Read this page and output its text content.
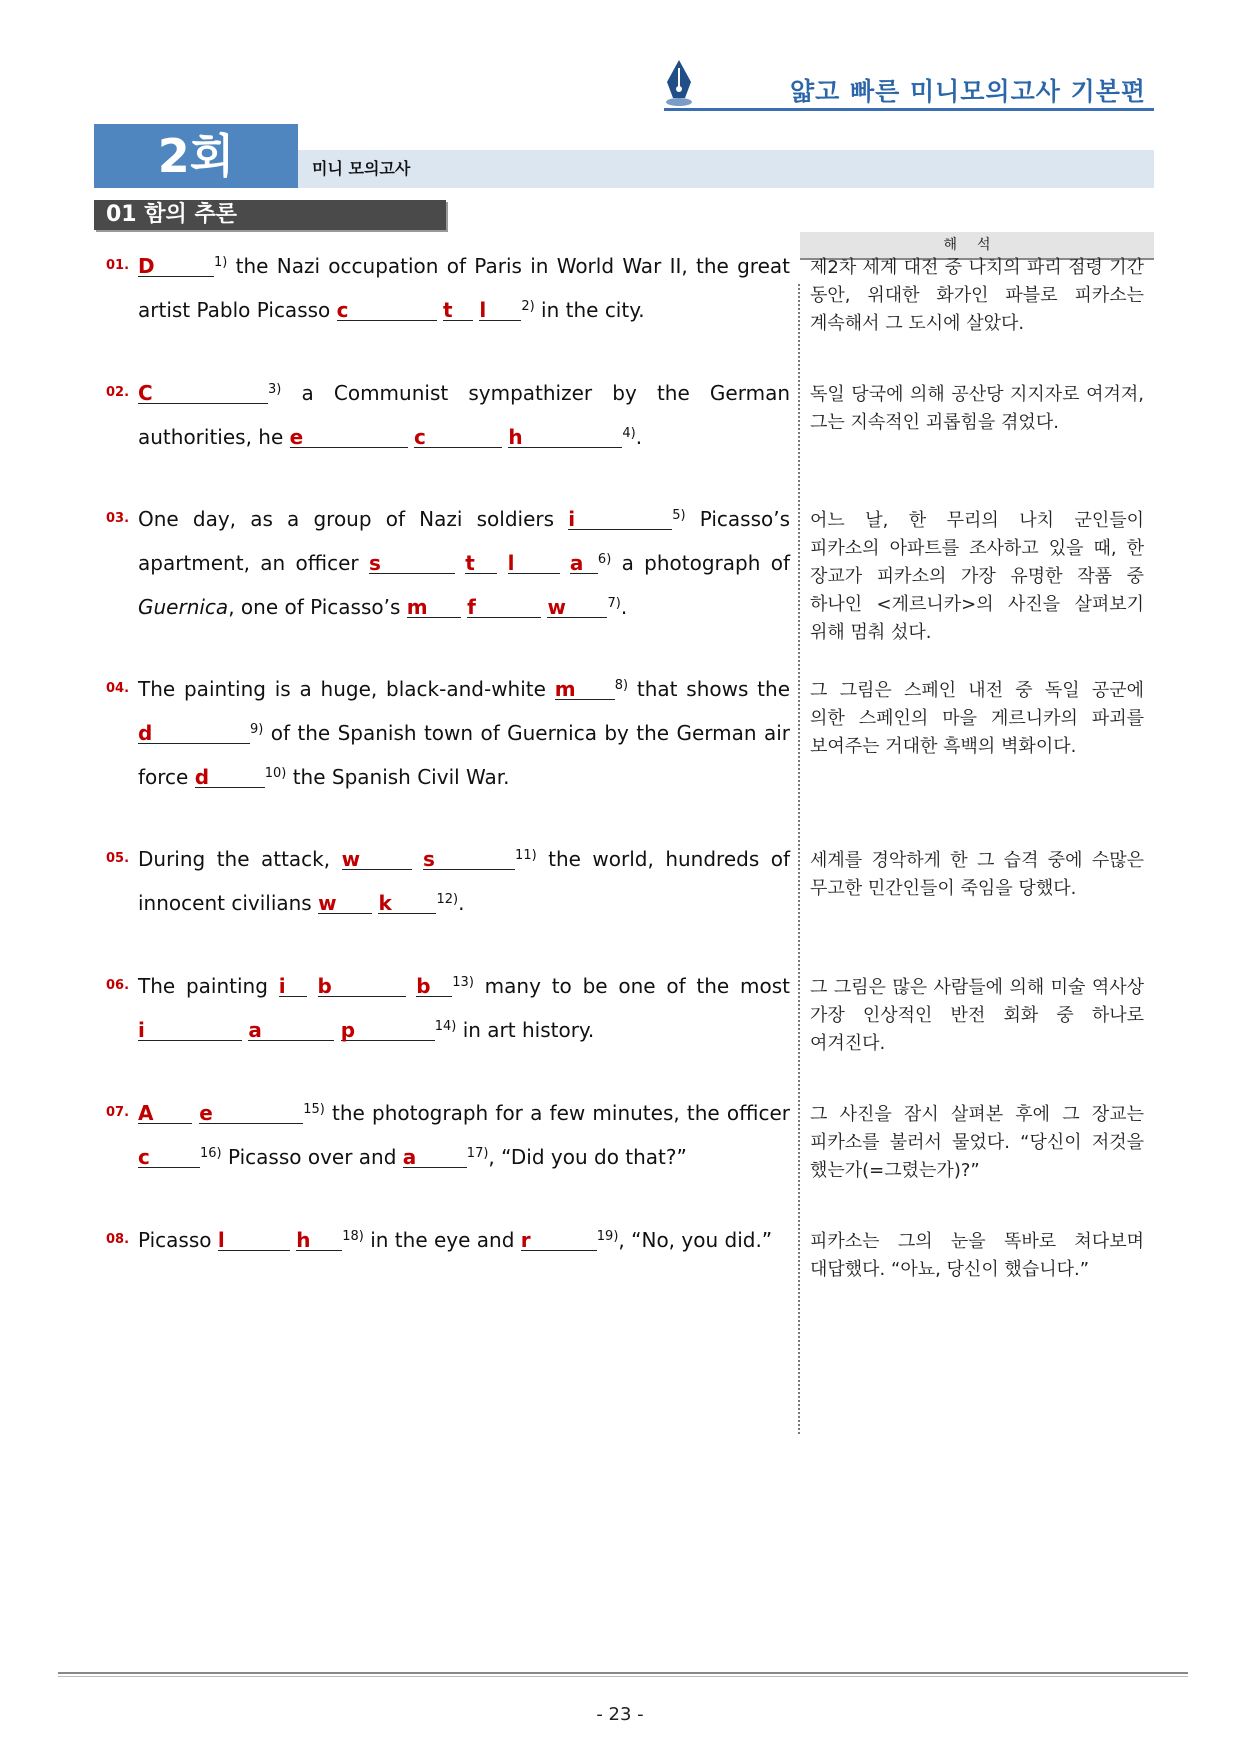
얇고 빠른 미니모의고사 기본편
2회	미니 모의고사
01 함의 추론
해석
01. D	$^{1)}$ the Nazi occupation of Paris in World War II, the great
artist Pablo Picasso c	t l	$^{2)}$ in the city.
제2차 세계 대전 중 나치의 파리 점령 기간 동안, 위대한 화가인 파블로 피카소는 계속해서 그 도시에 살았다.
02. C	$^{3)}$ a Communist sympathizer by the German
authorities, he e	c	h	$^{4)}$.
독일 당국에 의해 공산당 지지자로 여겨져, 그는 지속적인 괴롭힘을 겪었다.
03. One day, as a group of Nazi soldiers i	$^{5)}$ Picasso’s
apartment, an officer s	t l	a $^{6)}$ a photograph of
Guernica, one of Picasso’s m f	w	$^{7)}$.
어느 날, 한 무리의 나치 군인들이 피카소의 아파트를 조사하고 있을 때, 한 장교가 피카소의 가장 유명한 작품 중 하나인 <게르니카>의 사진을 살펴보기 위해 멈춰 섰다.
04. The painting is a huge, black-and-white m	$^{8)}$ that shows the
d	$^{9)}$ of the Spanish town of Guernica by the German air
force d	$^{10)}$ the Spanish Civil War.
그 그림은 스페인 내전 중 독일 공군에 의한 스페인의 마을 게르니카의 파괴를 보여주는 거대한 흑백의 벽화이다.
05. During the attack, w	s	$^{11)}$ the world, hundreds of
innocent civilians w k	$^{12)}$.
세계를 경악하게 한 그 습격 중에 수많은 무고한 민간인들이 죽임을 당했다.
06. The painting i b	b $^{13)}$ many to be one of the most
i	a	p	$^{14)}$ in art history.
그 그림은 많은 사람들에 의해 미술 역사상 가장 인상적인 반전 회화 중 하나로 여겨진다.
07. A e	$^{15)}$ the photograph for a few minutes, the officer
c	$^{16)}$ Picasso over and a	$^{17)}$, “Did you do that?”
그 사진을 잠시 살펴본 후에 그 장교는 피카소를 불러서 물었다. “당신이 저것을 했는가(=그렸는가)?”
08. Picasso l	h $^{18)}$ in the eye and r	$^{19)}$, “No, you did.”	피카소는 그의 눈을 똑바로 쳐다보며 대답했다. “아뇨, 당신이 했습니다.”
- 23 -
